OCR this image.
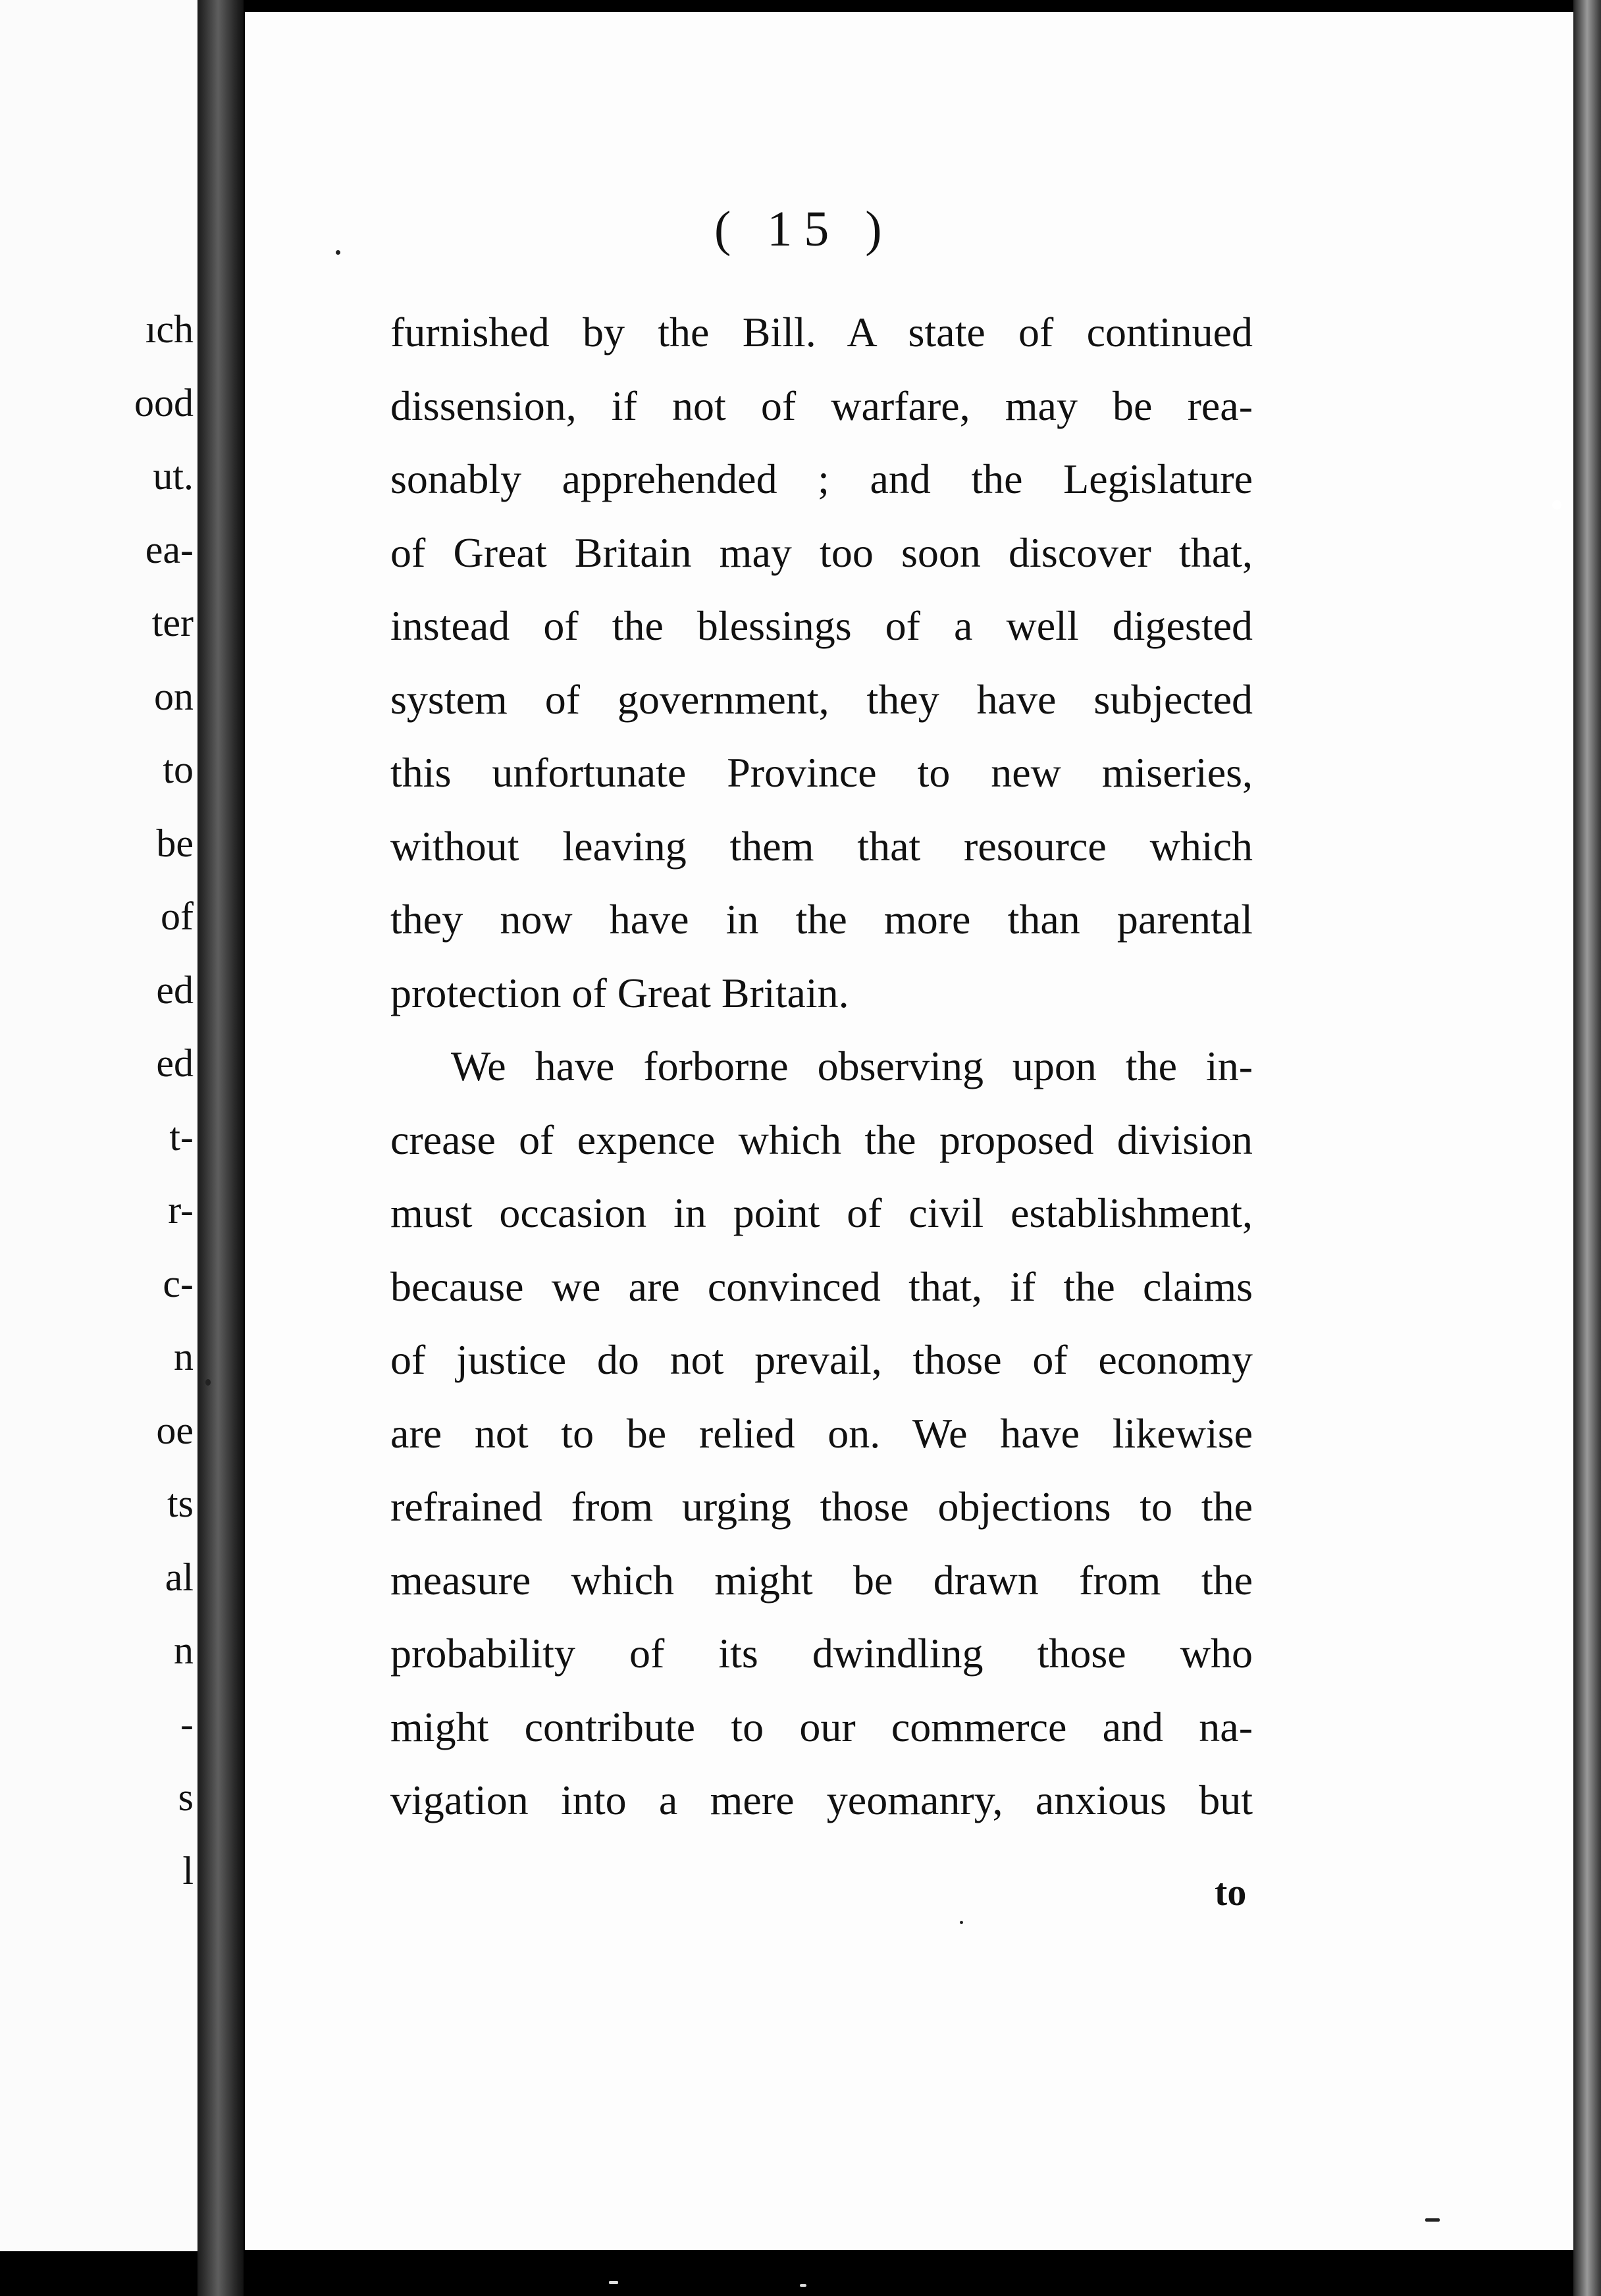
ıch
ood
ut.
ea-
ter
on
to
be
of
ed
ed
t-
r-
c-
n
oe
ts
al
n
-
s
l
( 15 )
furnished by the Bill. A state of continued
dissension, if not of warfare, may be rea-
sonably apprehended ; and the Legislature
of Great Britain may too soon discover that,
instead of the blessings of a well digested
system of government, they have subjected
this unfortunate Province to new miseries,
without leaving them that resource which
they now have in the more than parental
protection of Great Britain.
We have forborne observing upon the in-
crease of expence which the proposed division
must occasion in point of civil establishment,
because we are convinced that, if the claims
of justice do not prevail, those of economy
are not to be relied on. We have likewise
refrained from urging those objections to the
measure which might be drawn from the
probability of its dwindling those who
might contribute to our commerce and na-
vigation into a mere yeomanry, anxious but
to
